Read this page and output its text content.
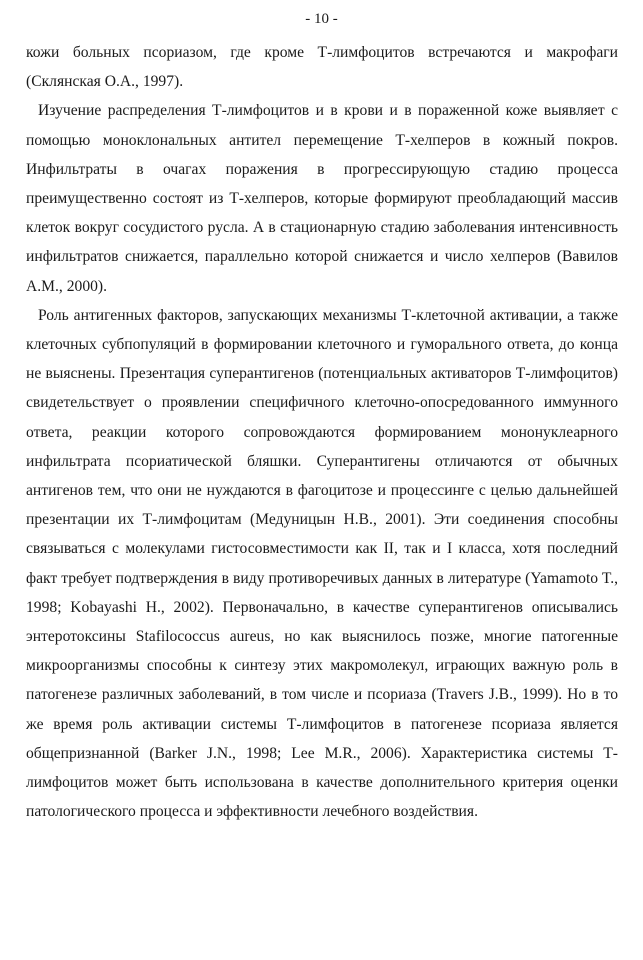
- 10 -

кожи больных псориазом, где кроме Т-лимфоцитов встречаются и макрофаги (Склянская О.А., 1997).

Изучение распределения Т-лимфоцитов и в крови и в пораженной коже выявляет с помощью моноклональных антител перемещение Т-хелперов в кожный покров. Инфильтраты в очагах поражения в прогрессирующую стадию процесса преимущественно состоят из Т-хелперов, которые формируют преобладающий массив клеток вокруг сосудистого русла. А в стационарную стадию заболевания интенсивность инфильтратов снижается, параллельно которой снижается и число хелперов (Вавилов А.М., 2000).

Роль антигенных факторов, запускающих механизмы Т-клеточной активации, а также клеточных субпопуляций в формировании клеточного и гуморального ответа, до конца не выяснены. Презентация суперантигенов (потенциальных активаторов Т-лимфоцитов) свидетельствует о проявлении специфичного клеточно-опосредованного иммунного ответа, реакции которого сопровождаются формированием мононуклеарного инфильтрата псориатической бляшки. Суперантигены отличаются от обычных антигенов тем, что они не нуждаются в фагоцитозе и процессинге с целью дальнейшей презентации их Т-лимфоцитам (Медуницын Н.В., 2001). Эти соединения способны связываться с молекулами гистосовместимости как II, так и I класса, хотя последний факт требует подтверждения в виду противоречивых данных в литературе (Yamamoto T., 1998; Kobayashi H., 2002). Первоначально, в качестве суперантигенов описывались энтеротоксины Stafilococcus aureus, но как выяснилось позже, многие патогенные микроорганизмы способны к синтезу этих макромолекул, играющих важную роль в патогенезе различных заболеваний, в том числе и псориаза (Travers J.B., 1999). Но в то же время роль активации системы Т-лимфоцитов в патогенезе псориаза является общепризнанной (Barker J.N., 1998; Lee M.R., 2006). Характеристика системы Т-лимфоцитов может быть использована в качестве дополнительного критерия оценки патологического процесса и эффективности лечебного воздействия.
